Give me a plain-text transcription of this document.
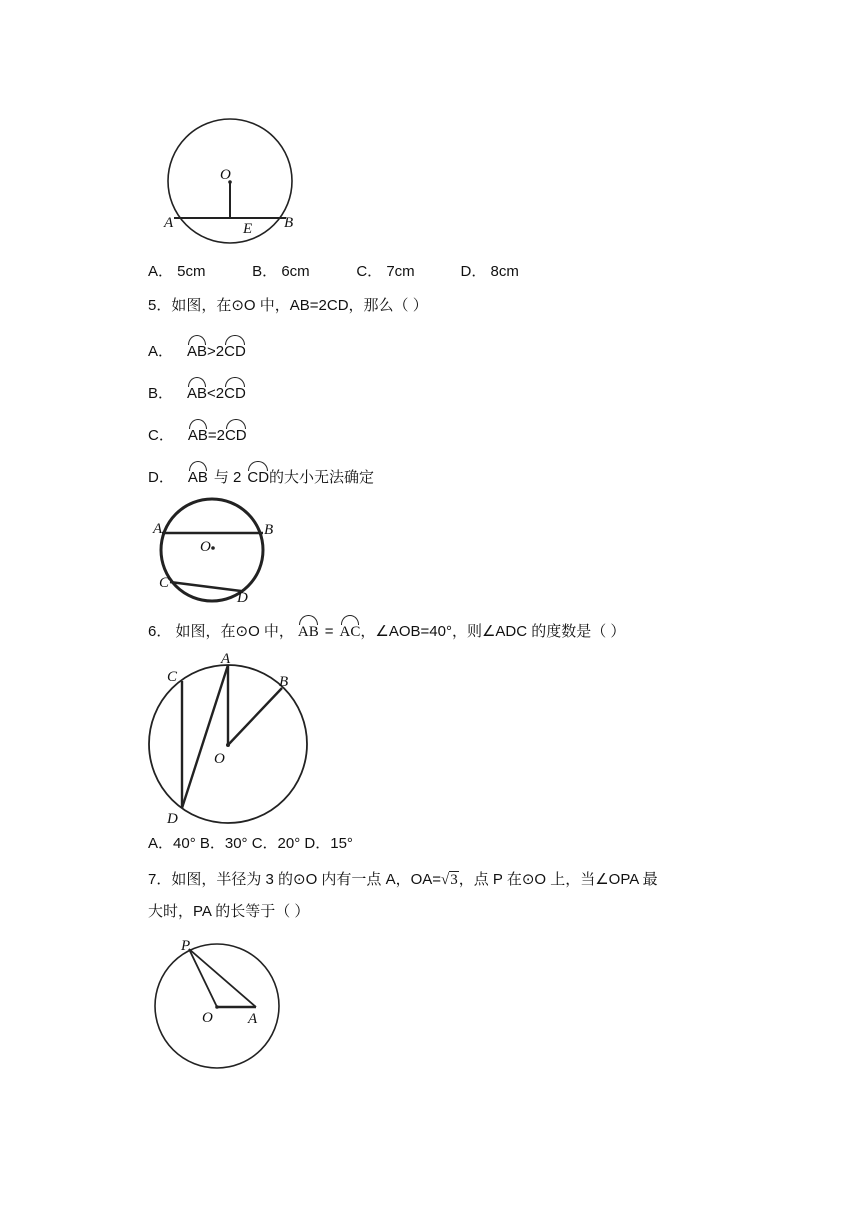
O
A	B
E
A． 5cm	B． 6cm	C． 7cm	D． 8cm
5．如图，在⊙O 中，AB=2CD，那么（ ）
A． AB>2CD
B． AB<2CD
C． AB=2CD
D． AB 与 2 CD的大小无法确定
A	B
O
C
D
6． 如图，在⊙O 中， AB = AC，∠AOB=40°，则∠ADC 的度数是（ ）
C
A
B
O
D
A．40° B．30° C．20° D．15°
7．如图，半径为 3 的⊙O 内有一点 A，OA=√3，点 P 在⊙O 上，当∠OPA 最
大时，PA 的长等于（ ）
P
O A
